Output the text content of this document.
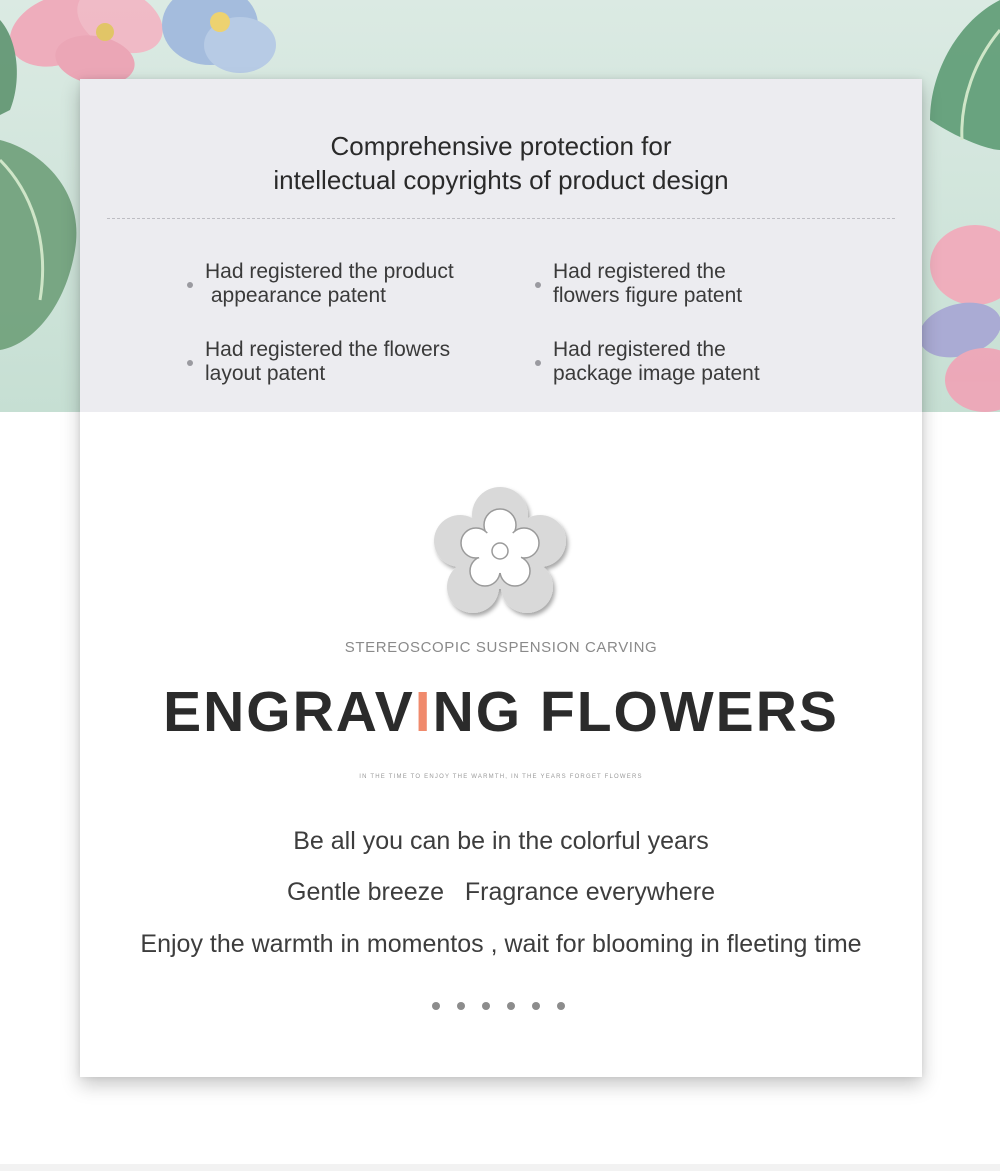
Comprehensive protection for
intellectual copyrights of product design
Had registered the product
appearance patent
Had registered the
flowers figure patent
Had registered the flowers
layout patent
Had registered the
package image patent
STEREOSCOPIC SUSPENSION CARVING
ENGRAVING FLOWERS
IN THE TIME TO ENJOY THE WARMTH, IN THE YEARS FORGET FLOWERS
Be all you can be in the colorful years
Gentle breeze   Fragrance everywhere
Enjoy the warmth in momentos , wait for blooming in fleeting time
